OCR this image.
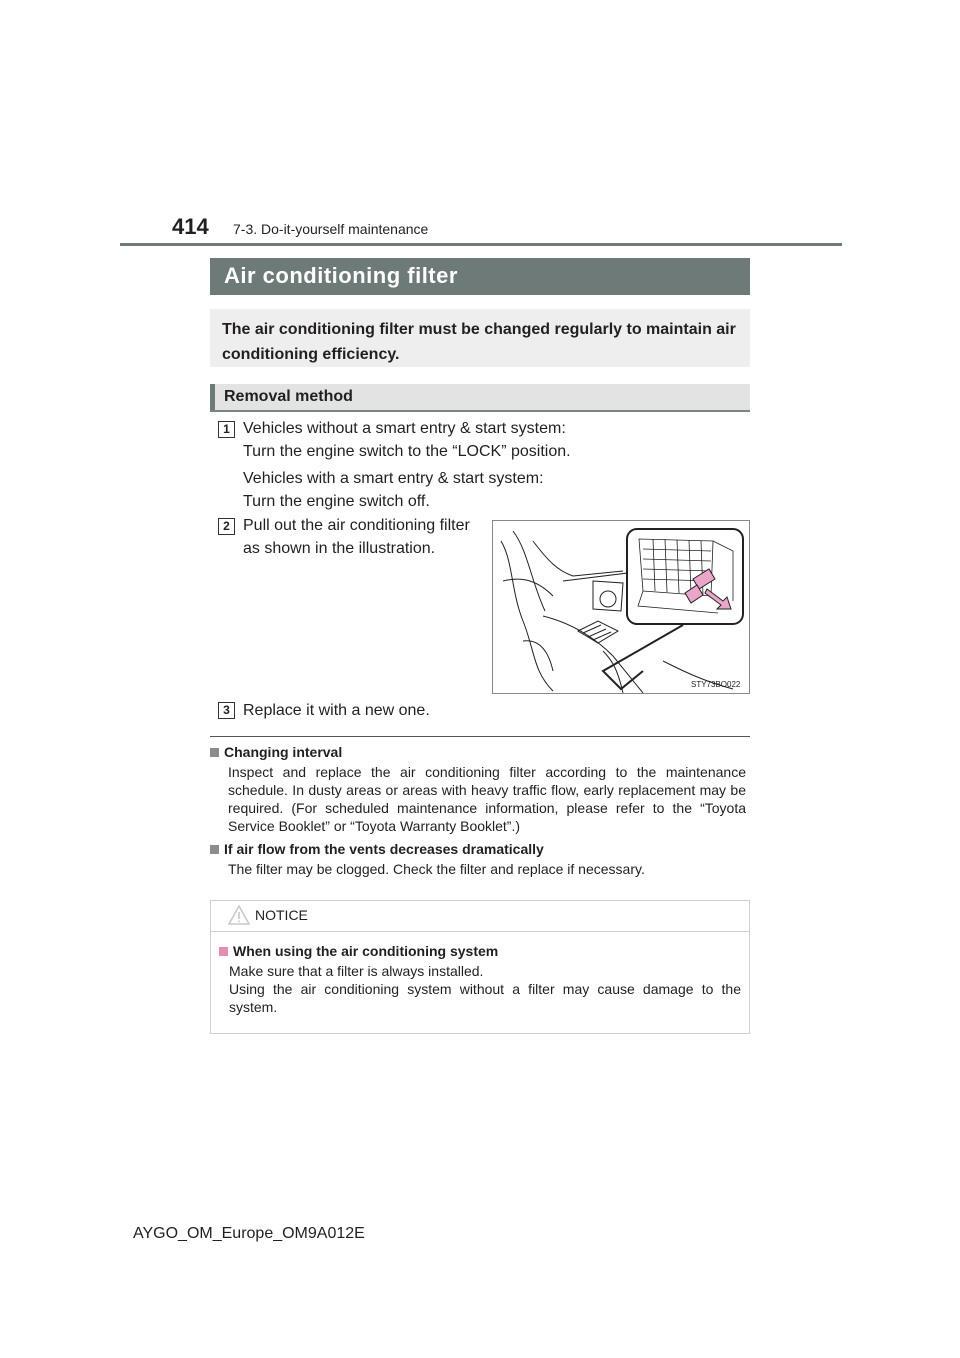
414 7-3. Do-it-yourself maintenance
Air conditioning filter
The air conditioning filter must be changed regularly to maintain air conditioning efficiency.
Removal method
1 Vehicles without a smart entry & start system:
Turn the engine switch to the “LOCK” position.
Vehicles with a smart entry & start system:
Turn the engine switch off.
2 Pull out the air conditioning filter
as shown in the illustration.
STY73BO022
3 Replace it with a new one.
Changing interval
Inspect and replace the air conditioning filter according to the maintenance schedule. In dusty areas or areas with heavy traffic flow, early replacement may be required. (For scheduled maintenance information, please refer to the “Toyota Service Booklet” or “Toyota Warranty Booklet”.)
If air flow from the vents decreases dramatically
The filter may be clogged. Check the filter and replace if necessary.
NOTICE
When using the air conditioning system
Make sure that a filter is always installed.
Using the air conditioning system without a filter may cause damage to the system.
AYGO_OM_Europe_OM9A012E
